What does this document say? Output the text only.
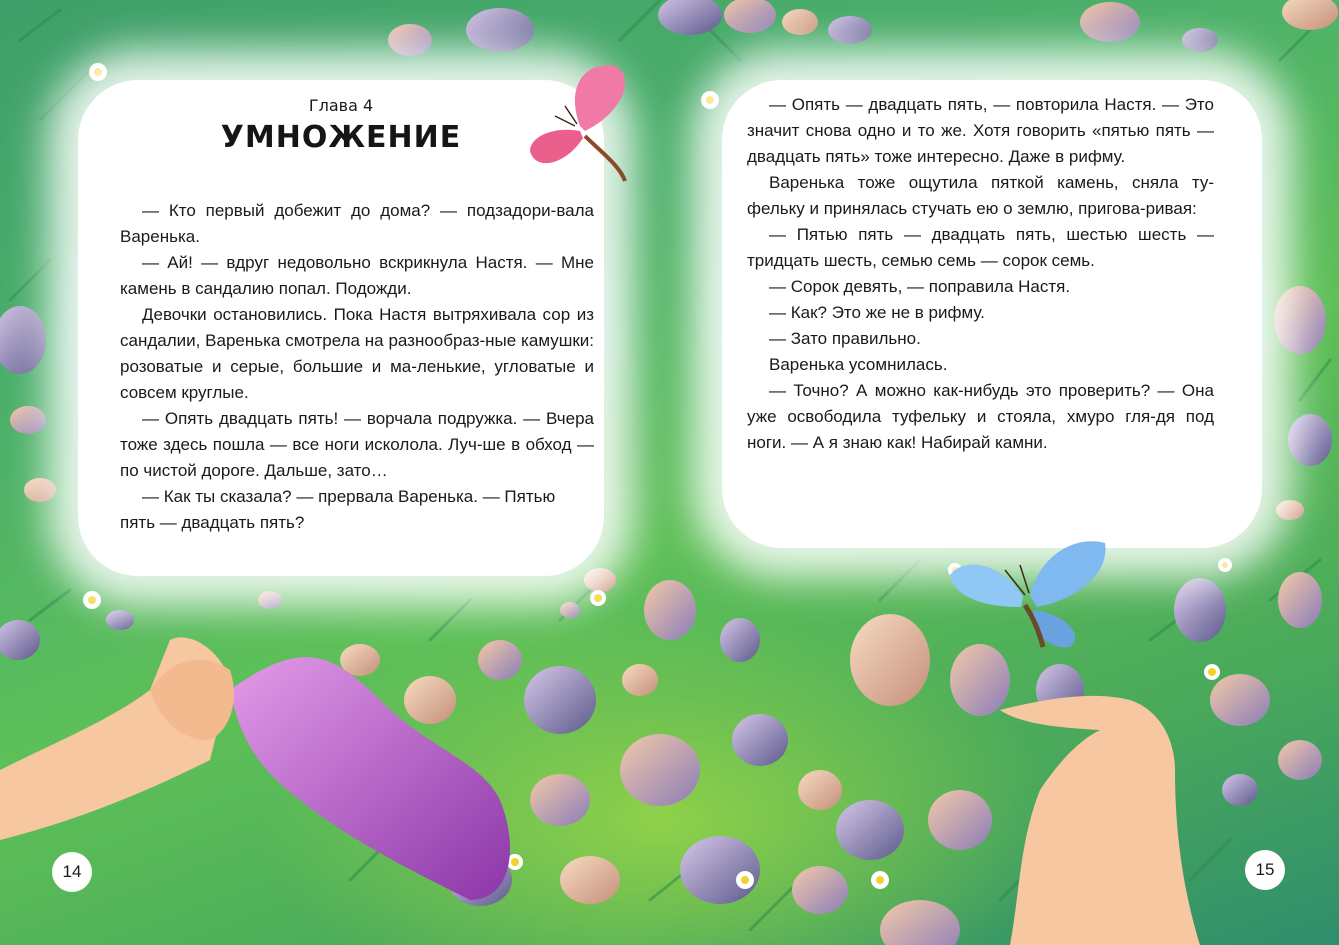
Глава 4
УМНОЖЕНИЕ

— Кто первый добежит до дома? — подзадори-вала Варенька.

— Ай! — вдруг недовольно вскрикнула Настя. — Мне камень в сандалию попал. Подожди.

Девочки остановились. Пока Настя вытряхивала сор из сандалии, Варенька смотрела на разнообраз-ные камушки: розоватые и серые, большие и ма-ленькие, угловатые и совсем круглые.

— Опять двадцать пять! — ворчала подружка. — Вчера тоже здесь пошла — все ноги исколола. Луч-ше в обход — по чистой дороге. Дальше, зато…

— Как ты сказала? — прервала Варенька. — Пятью пять — двадцать пять?

— Опять — двадцать пять, — повторила Настя. — Это значит снова одно и то же. Хотя говорить «пятью пять — двадцать пять» тоже интересно. Даже в рифму.

Варенька тоже ощутила пяткой камень, сняла ту-фельку и принялась стучать ею о землю, пригова-ривая:

— Пятью пять — двадцать пять, шестью шесть — тридцать шесть, семью семь — сорок семь.

— Сорок девять, — поправила Настя.

— Как? Это же не в рифму.

— Зато правильно.

Варенька усомнилась.

— Точно? А можно как-нибудь это проверить? — Она уже освободила туфельку и стояла, хмуро гля-дя под ноги. — А я знаю как! Набирай камни.

14	15
